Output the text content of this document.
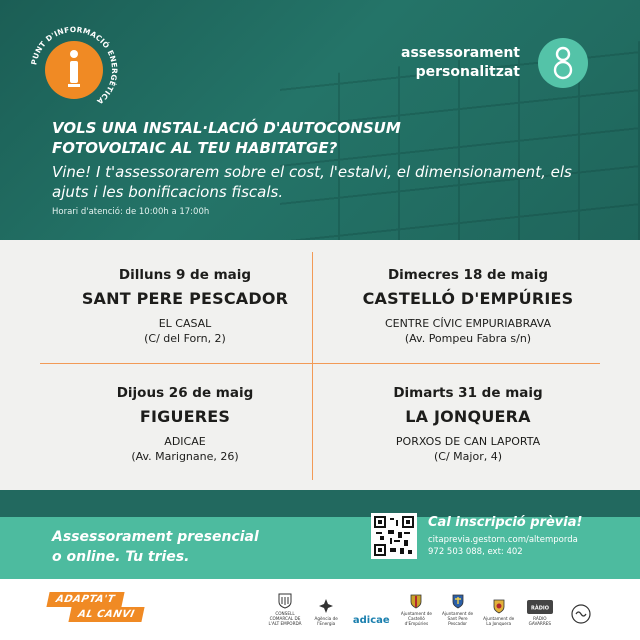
PUNT D'INFORMACIÓ ENERGÈTICA
assessorament
personalitzat
VOLS UNA INSTAL·LACIÓ D'AUTOCONSUM
FOTOVOLTAIC AL TEU HABITATGE?
Vine! I t'assessorarem sobre el cost, l'estalvi, el dimensionament, els ajuts i les bonificacions fiscals.
Horari d'atenció: de 10:00h a 17:00h
Dilluns 9 de maig
SANT PERE PESCADOR
EL CASAL
(C/ del Forn, 2)
Dimecres 18 de maig
CASTELLÓ D'EMPÚRIES
CENTRE CÍVIC EMPURIABRAVA
(Av. Pompeu Fabra s/n)
Dijous 26 de maig
FIGUERES
ADICAE
(Av. Marignane, 26)
Dimarts 31 de maig
LA JONQUERA
PORXOS DE CAN LAPORTA
(C/ Major, 4)
Assessorament presencial
o online. Tu tries.
Cal inscripció prèvia!
citaprevia.gestorn.com/altemporda
972 503 088, ext: 402
ADAPTA'T
AL CANVI	CONSELL COMARCAL DE L'ALT EMPORDÀ
Agència de l'Energia	adicae
Ajuntament de Castelló d'Empúries
Ajuntament de Sant Pere Pescador
Ajuntament de La Jonquera
RÀDIO
RÀDIO GAVARRES
